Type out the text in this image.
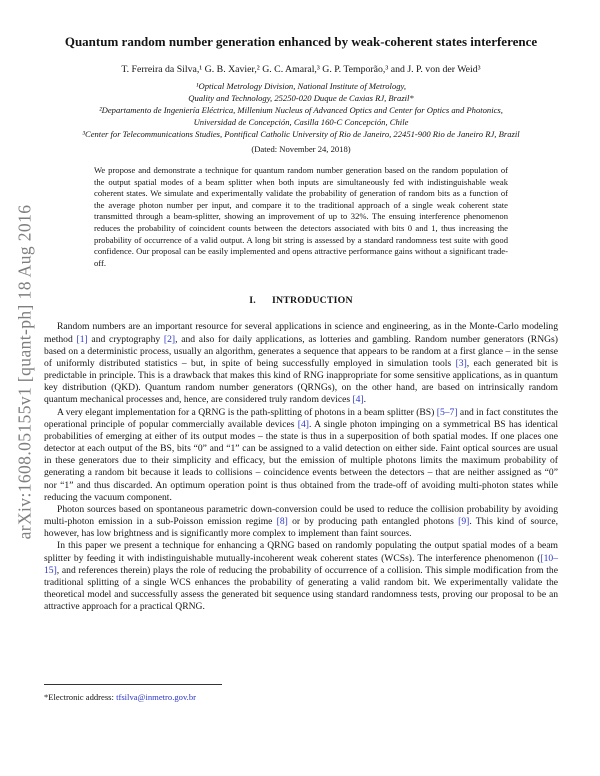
arXiv:1608.05155v1 [quant-ph] 18 Aug 2016
Quantum random number generation enhanced by weak-coherent states interference
T. Ferreira da Silva,¹ G. B. Xavier,² G. C. Amaral,³ G. P. Temporão,³ and J. P. von der Weid³
¹Optical Metrology Division, National Institute of Metrology,
Quality and Technology, 25250-020 Duque de Caxias RJ, Brazil*
²Departamento de Ingeniería Eléctrica, Millenium Nucleus of Advanced Optics and Center for Optics and Photonics,
Universidad de Concepción, Casilla 160-C Concepción, Chile
³Center for Telecommunications Studies, Pontifical Catholic University of Rio de Janeiro, 22451-900 Rio de Janeiro RJ, Brazil
(Dated: November 24, 2018)

We propose and demonstrate a technique for quantum random number generation based on the random population of the output spatial modes of a beam splitter when both inputs are simultaneously fed with indistinguishable weak coherent states. We simulate and experimentally validate the probability of generation of random bits as a function of the average photon number per input, and compare it to the traditional approach of a single weak coherent state transmitted through a beam-splitter, showing an improvement of up to 32%. The ensuing interference phenomenon reduces the probability of coincident counts between the detectors associated with bits 0 and 1, thus increasing the probability of occurrence of a valid output. A long bit string is assessed by a standard randomness test suite with good confidence. Our proposal can be easily implemented and opens attractive performance gains without a significant trade-off.

I. INTRODUCTION

Random numbers are an important resource for several applications in science and engineering, as in the Monte-Carlo modeling method [1] and cryptography [2], and also for daily applications, as lotteries and gambling. Random number generators (RNGs) based on a deterministic process, usually an algorithm, generates a sequence that appears to be random at a first glance – in the sense of uniformly distributed statistics – but, in spite of being successfully employed in simulation tools [3], each generated bit is predictable in principle. This is a drawback that makes this kind of RNG inappropriate for some sensitive applications, as in quantum key distribution (QKD). Quantum random number generators (QRNGs), on the other hand, are based on intrinsically random quantum mechanical processes and, hence, are considered truly random devices [4].

A very elegant implementation for a QRNG is the path-splitting of photons in a beam splitter (BS) [5–7] and in fact constitutes the operational principle of popular commercially available devices [4]. A single photon impinging on a symmetrical BS has identical probabilities of emerging at either of its output modes – the state is thus in a superposition of both spatial modes. If one places one detector at each output of the BS, bits “0” and “1” can be assigned to a valid detection on either side. Faint optical sources are usual in these generators due to their simplicity and efficacy, but the emission of multiple photons limits the maximum probability of generating a random bit because it leads to collisions – coincidence events between the detectors – that are neither assigned as “0” nor “1” and thus discarded. An optimum operation point is thus obtained from the trade-off of avoiding multi-photon states while reducing the vacuum component.

Photon sources based on spontaneous parametric down-conversion could be used to reduce the collision probability by avoiding multi-photon emission in a sub-Poisson emission regime [8] or by producing path entangled photons [9]. This kind of source, however, has low brightness and is significantly more complex to implement than faint sources.

In this paper we present a technique for enhancing a QRNG based on randomly populating the output spatial modes of a beam splitter by feeding it with indistinguishable mutually-incoherent weak coherent states (WCSs). The interference phenomenon ([10–15], and references therein) plays the role of reducing the probability of occurrence of a collision. This simple modification from the traditional splitting of a single WCS enhances the probability of generating a valid random bit. We experimentally validate the theoretical model and successfully assess the generated bit sequence using standard randomness tests, proving our proposal to be an attractive approach for a practical QRNG.

*Electronic address: tfsilva@inmetro.gov.br
